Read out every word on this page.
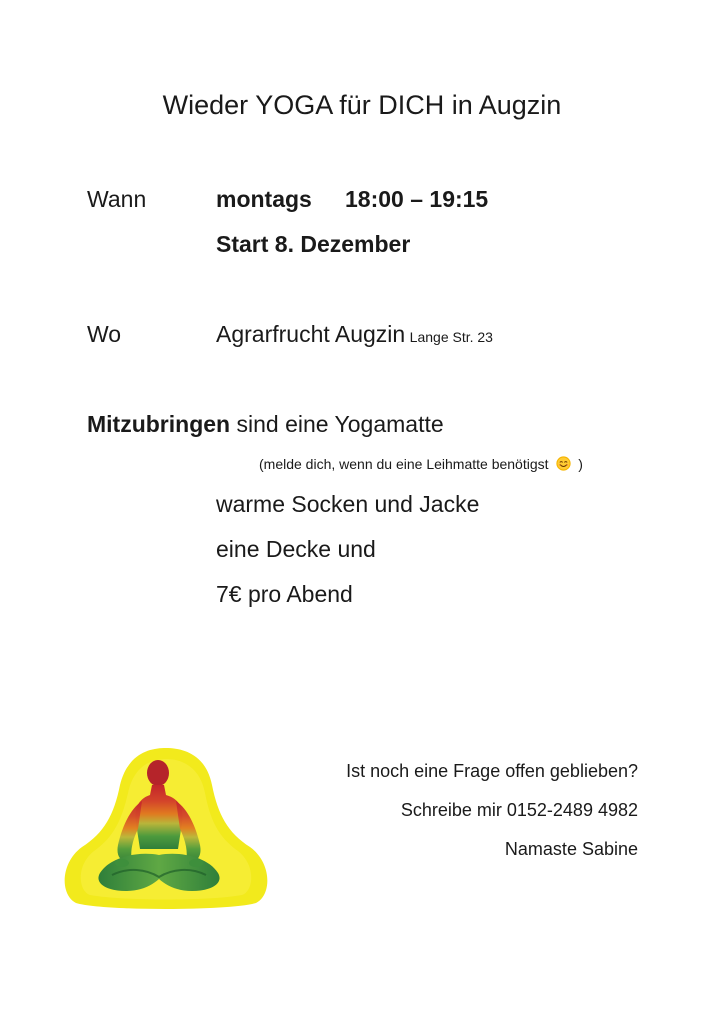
Wieder YOGA für DICH in Augzin
Wann	montags 18:00 – 19:15
Start 8. Dezember
Wo	Agrarfrucht Augzin Lange Str. 23
Mitzubringen sind eine Yogamatte
(melde dich, wenn du eine Leihmatte benötigst )
warme Socken und Jacke
eine Decke und
7€ pro Abend
Ist noch eine Frage offen geblieben?
Schreibe mir 0152-2489 4982
Namaste Sabine
